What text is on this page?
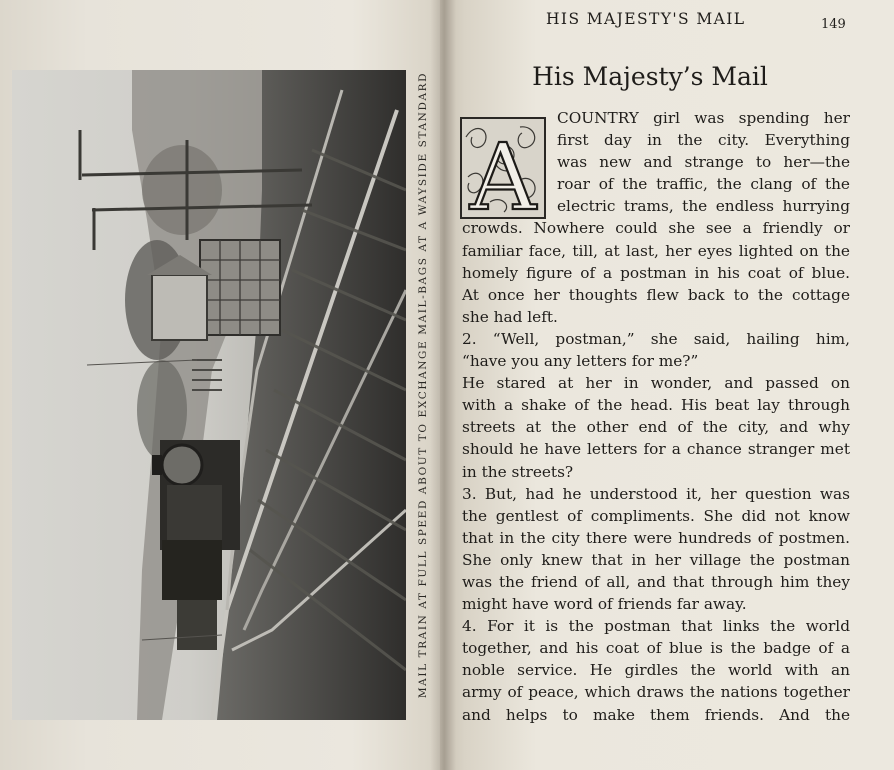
MAIL TRAIN AT FULL SPEED ABOUT TO EXCHANGE MAIL-BAGS AT A WAYSIDE STANDARD
HIS MAJESTY'S MAIL	149
His Majesty’s Mail
A
COUNTRY girl was spending her
first day in the city. Everything
was new and strange to her—the
roar of the traffic, the clang of the
electric trams, the endless hurrying
crowds. Nowhere could she see a friendly or
familiar face, till, at last, her eyes lighted on the
homely figure of a postman in his coat of blue.
At once her thoughts flew back to the cottage
she had left.
2. “Well, postman,” she said, hailing him,
“have you any letters for me?”
He stared at her in wonder, and passed on
with a shake of the head. His beat lay through
streets at the other end of the city, and why
should he have letters for a chance stranger met
in the streets?
3. But, had he understood it, her question was
the gentlest of compliments. She did not know
that in the city there were hundreds of postmen.
She only knew that in her village the postman
was the friend of all, and that through him they
might have word of friends far away.
4. For it is the postman that links the world
together, and his coat of blue is the badge of a
noble service. He girdles the world with an
army of peace, which draws the nations together
and helps to make them friends. And the
